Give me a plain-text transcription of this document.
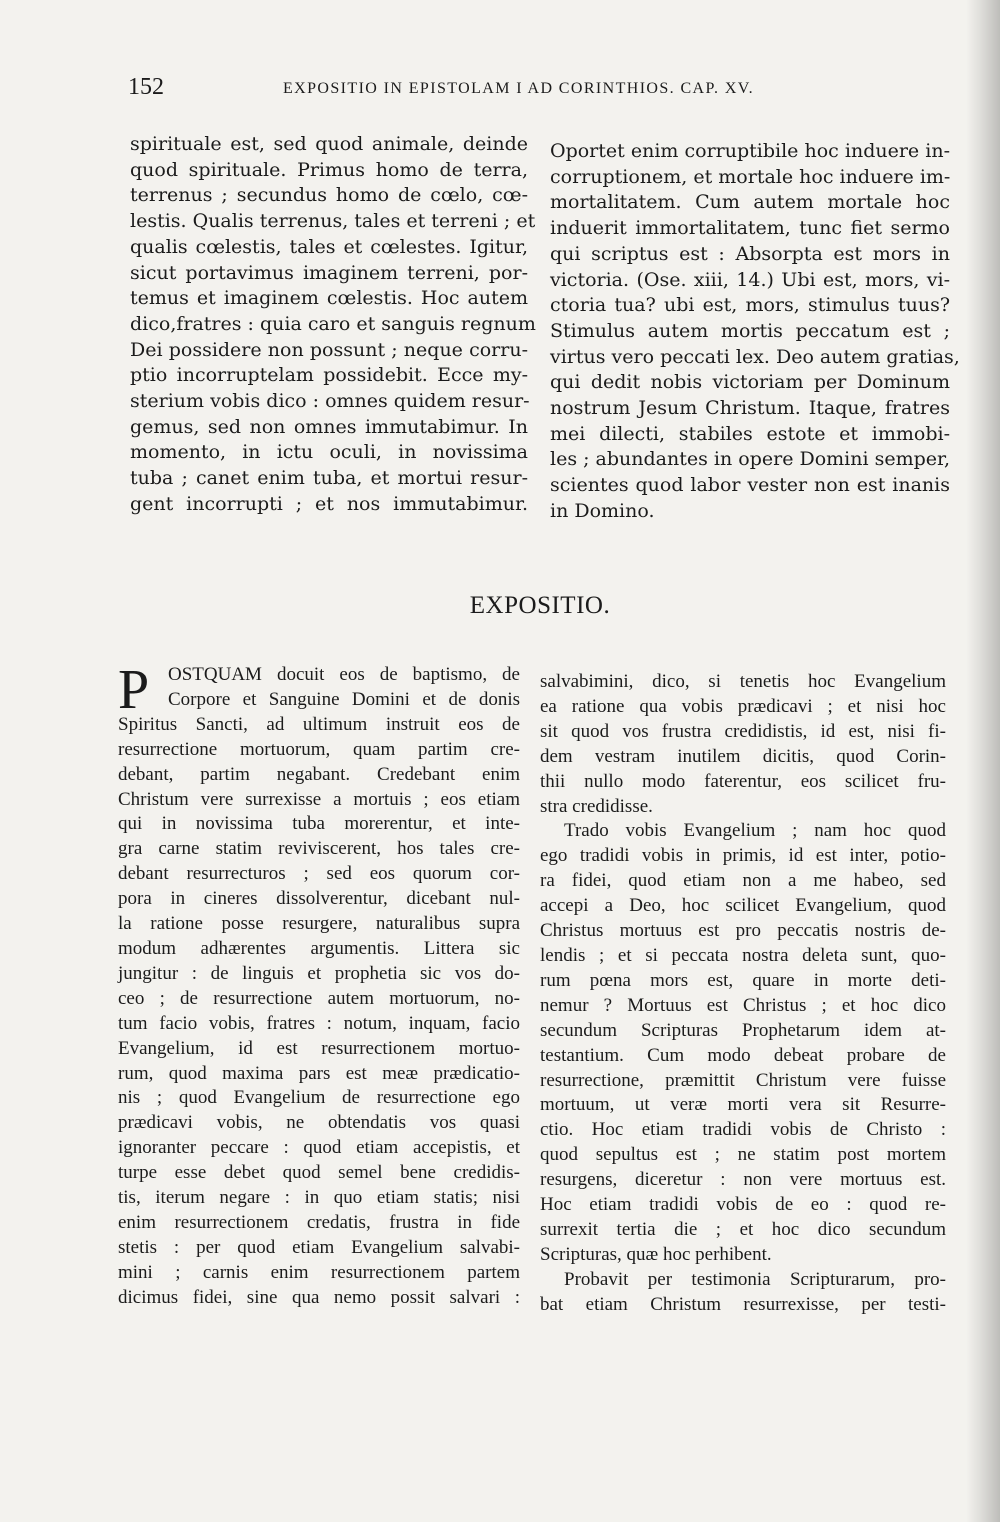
152	EXPOSITIO IN EPISTOLAM I AD CORINTHIOS. CAP. XV.
spirituale est, sed quod animale, deinde
quod spirituale. Primus homo de terra,
terrenus ; secundus homo de cœlo, cœ-
lestis. Qualis terrenus, tales et terreni ; et
qualis cœlestis, tales et cœlestes. Igitur,
sicut portavimus imaginem terreni, por-
temus et imaginem cœlestis. Hoc autem
dico,fratres : quia caro et sanguis regnum
Dei possidere non possunt ; neque corru-
ptio incorruptelam possidebit. Ecce my-
sterium vobis dico : omnes quidem resur-
gemus, sed non omnes immutabimur. In
momento, in ictu oculi, in novissima
tuba ; canet enim tuba, et mortui resur-
gent incorrupti ; et nos immutabimur.
Oportet enim corruptibile hoc induere in-
corruptionem, et mortale hoc induere im-
mortalitatem. Cum autem mortale hoc
induerit immortalitatem, tunc fiet sermo
qui scriptus est : Absorpta est mors in
victoria. (Ose. xiii, 14.) Ubi est, mors, vi-
ctoria tua? ubi est, mors, stimulus tuus?
Stimulus autem mortis peccatum est ;
virtus vero peccati lex. Deo autem gratias,
qui dedit nobis victoriam per Dominum
nostrum Jesum Christum. Itaque, fratres
mei dilecti, stabiles estote et immobi-
les ; abundantes in opere Domini semper,
scientes quod labor vester non est inanis
in Domino.
EXPOSITIO.
P OSTQUAM docuit eos de baptismo, de
Corpore et Sanguine Domini et de donis
Spiritus Sancti, ad ultimum instruit eos de
resurrectione mortuorum, quam partim cre-
debant, partim negabant. Credebant enim
Christum vere surrexisse a mortuis ; eos etiam
qui in novissima tuba morerentur, et inte-
gra carne statim reviviscerent, hos tales cre-
debant resurrecturos ; sed eos quorum cor-
pora in cineres dissolverentur, dicebant nul-
la ratione posse resurgere, naturalibus supra
modum adhærentes argumentis. Littera sic
jungitur : de linguis et prophetia sic vos do-
ceo ; de resurrectione autem mortuorum, no-
tum facio vobis, fratres : notum, inquam, facio
Evangelium, id est resurrectionem mortuo-
rum, quod maxima pars est meæ prædicatio-
nis ; quod Evangelium de resurrectione ego
prædicavi vobis, ne obtendatis vos quasi
ignoranter peccare : quod etiam accepistis, et
turpe esse debet quod semel bene credidis-
tis, iterum negare : in quo etiam statis; nisi
enim resurrectionem credatis, frustra in fide
stetis : per quod etiam Evangelium salvabi-
mini ; carnis enim resurrectionem partem
dicimus fidei, sine qua nemo possit salvari :
salvabimini, dico, si tenetis hoc Evangelium
ea ratione qua vobis prædicavi ; et nisi hoc
sit quod vos frustra credidistis, id est, nisi fi-
dem vestram inutilem dicitis, quod Corin-
thii nullo modo faterentur, eos scilicet fru-
stra credidisse.
Trado vobis Evangelium ; nam hoc quod
ego tradidi vobis in primis, id est inter, potio-
ra fidei, quod etiam non a me habeo, sed
accepi a Deo, hoc scilicet Evangelium, quod
Christus mortuus est pro peccatis nostris de-
lendis ; et si peccata nostra deleta sunt, quo-
rum pœna mors est, quare in morte deti-
nemur ? Mortuus est Christus ; et hoc dico
secundum Scripturas Prophetarum idem at-
testantium. Cum modo debeat probare de
resurrectione, præmittit Christum vere fuisse
mortuum, ut veræ morti vera sit Resurre-
ctio. Hoc etiam tradidi vobis de Christo :
quod sepultus est ; ne statim post mortem
resurgens, diceretur : non vere mortuus est.
Hoc etiam tradidi vobis de eo : quod re-
surrexit tertia die ; et hoc dico secundum
Scripturas, quæ hoc perhibent.
Probavit per testimonia Scripturarum, pro-
bat etiam Christum resurrexisse, per testi-
